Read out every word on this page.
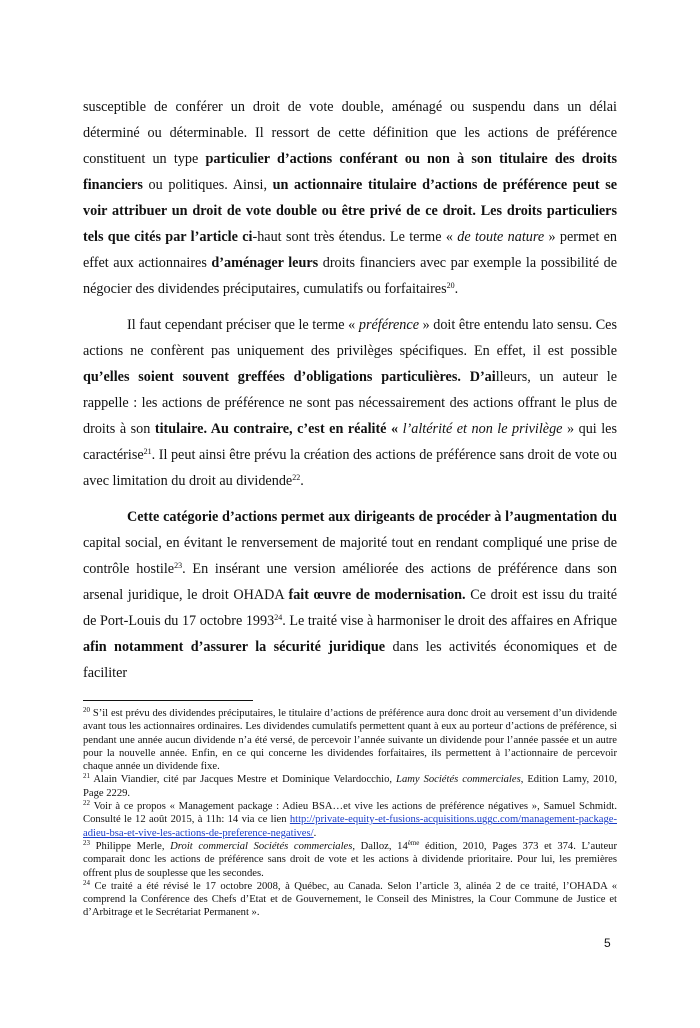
susceptible de conférer un droit de vote double, aménagé ou suspendu dans un délai déterminé ou déterminable. Il ressort de cette définition que les actions de préférence constituent un type particulier d’actions conférant ou non à son titulaire des droits financiers ou politiques. Ainsi, un actionnaire titulaire d’actions de préférence peut se voir attribuer un droit de vote double ou être privé de ce droit. Les droits particuliers tels que cités par l’article ci-haut sont très étendus. Le terme « de toute nature » permet en effet aux actionnaires d’aménager leurs droits financiers avec par exemple la possibilité de négocier des dividendes préciputaires, cumulatifs ou forfaitaires$^{20}$.

Il faut cependant préciser que le terme « préférence » doit être entendu lato sensu. Ces actions ne confèrent pas uniquement des privilèges spécifiques. En effet, il est possible qu’elles soient souvent greffées d’obligations particulières. D’ailleurs, un auteur le rappelle : les actions de préférence ne sont pas nécessairement des actions offrant le plus de droits à son titulaire. Au contraire, c’est en réalité « l’altérité et non le privilège » qui les caractérise$^{21}$. Il peut ainsi être prévu la création des actions de préférence sans droit de vote ou avec limitation du droit au dividende$^{22}$.

Cette catégorie d’actions permet aux dirigeants de procéder à l’augmentation du capital social, en évitant le renversement de majorité tout en rendant compliqué une prise de contrôle hostile$^{23}$. En insérant une version améliorée des actions de préférence dans son arsenal juridique, le droit OHADA fait œuvre de modernisation. Ce droit est issu du traité de Port-Louis du 17 octobre 1993$^{24}$. Le traité vise à harmoniser le droit des affaires en Afrique afin notamment d’assurer la sécurité juridique dans les activités économiques et de faciliter

$^{20}$ S’il est prévu des dividendes préciputaires, le titulaire d’actions de préférence aura donc droit au versement d’un dividende avant tous les actionnaires ordinaires. Les dividendes cumulatifs permettent quant à eux au porteur d’actions de préférence, si pendant une année aucun dividende n’a été versé, de percevoir l’année suivante un dividende pour l’année passée et un autre pour la nouvelle année. Enfin, en ce qui concerne les dividendes forfaitaires, ils permettent à l’actionnaire de percevoir chaque année un dividende fixe.

$^{21}$ Alain Viandier, cité par Jacques Mestre et Dominique Velardocchio, Lamy Sociétés commerciales, Edition Lamy, 2010, Page 2229.

$^{22}$ Voir à ce propos « Management package : Adieu BSA…et vive les actions de préférence négatives », Samuel Schmidt. Consulté le 12 août 2015, à 11h: 14 via ce lien http://private-equity-et-fusions-acquisitions.uggc.com/management-package-adieu-bsa-et-vive-les-actions-de-preference-negatives/.

$^{23}$ Philippe Merle, Droit commercial Sociétés commerciales, Dalloz, 14ème édition, 2010, Pages 373 et 374. L’auteur comparait donc les actions de préférence sans droit de vote et les actions à dividende prioritaire. Pour lui, les premières offrent plus de souplesse que les secondes.

$^{24}$ Ce traité a été révisé le 17 octobre 2008, à Québec, au Canada. Selon l’article 3, alinéa 2 de ce traité, l’OHADA « comprend la Conférence des Chefs d’Etat et de Gouvernement, le Conseil des Ministres, la Cour Commune de Justice et d’Arbitrage et le Secrétariat Permanent ».

5
